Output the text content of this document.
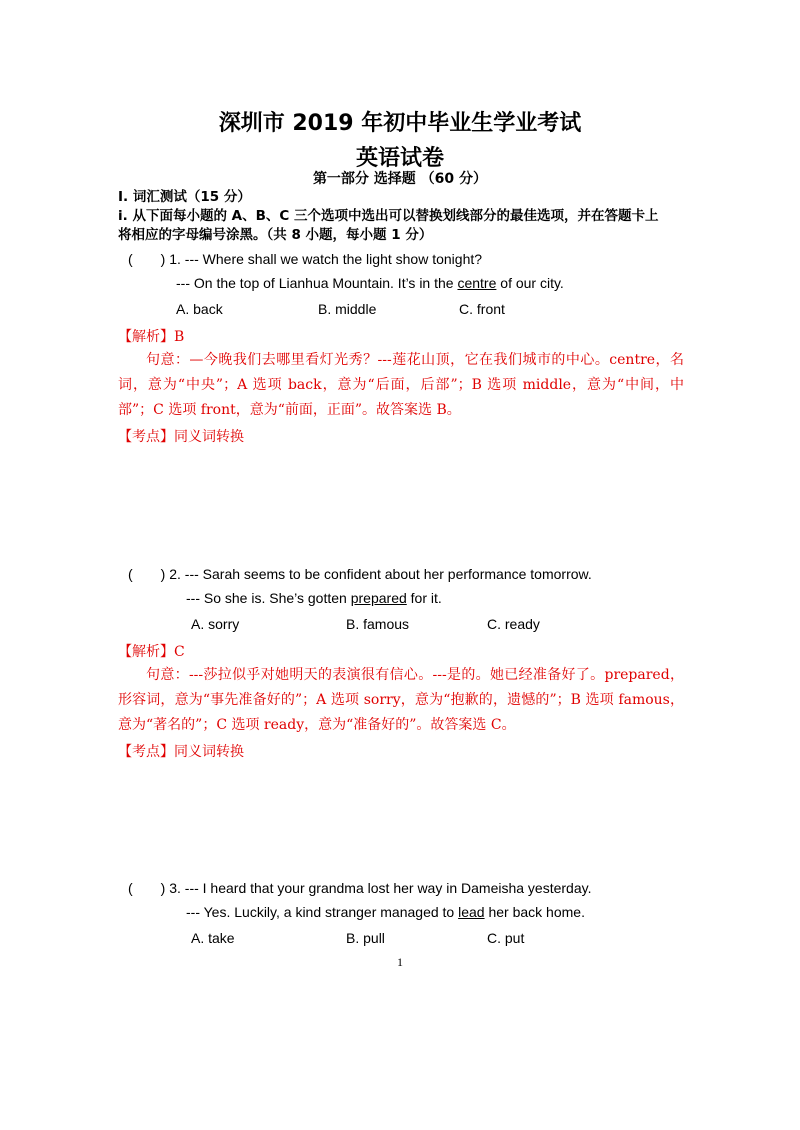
深圳市 2019 年初中毕业生学业考试
英语试卷
第一部分 选择题 （60 分）
I. 词汇测试（15 分）
i. 从下面每小题的 A、B、C 三个选项中选出可以替换划线部分的最佳选项，并在答题卡上
将相应的字母编号涂黑。（共 8 小题，每小题 1 分）
(　　) 1. --- Where shall we watch the light show tonight?
--- On the top of Lianhua Mountain. It’s in the centre of our city.
A. back	B. middle	C. front
【解析】B
句意：—今晚我们去哪里看灯光秀？---莲花山顶，它在我们城市的中心。centre，名词，意为“中央”；A 选项 back，意为“后面，后部”；B 选项 middle，意为“中间，中部”；C 选项 front，意为“前面，正面”。故答案选 B。
【考点】同义词转换
(　　) 2. --- Sarah seems to be confident about her performance tomorrow.
--- So she is. She’s gotten prepared for it.
A. sorry	B. famous	C. ready
【解析】C
句意：---莎拉似乎对她明天的表演很有信心。---是的。她已经准备好了。prepared，形容词，意为“事先准备好的”；A 选项 sorry，意为“抱歉的，遗憾的”；B 选项 famous，意为“著名的”；C 选项 ready，意为“准备好的”。故答案选 C。
【考点】同义词转换
(　　) 3. --- I heard that your grandma lost her way in Dameisha yesterday.
--- Yes. Luckily, a kind stranger managed to lead her back home.
A. take	B. pull	C. put
1
